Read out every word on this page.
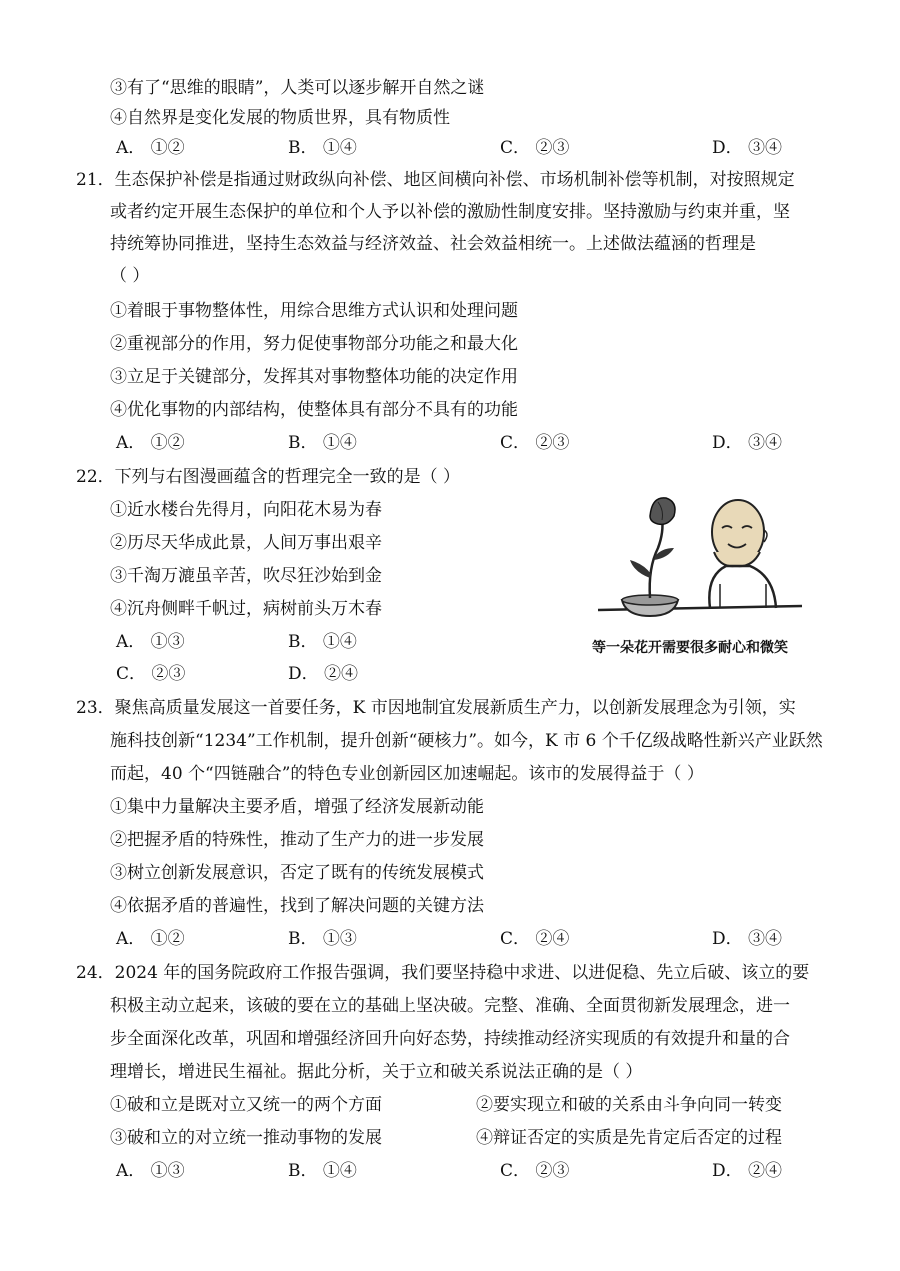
③有了“思维的眼睛”，人类可以逐步解开自然之谜
④自然界是变化发展的物质世界，具有物质性
A． ①②	B． ①④	C． ②③	D． ③④
21．生态保护补偿是指通过财政纵向补偿、地区间横向补偿、市场机制补偿等机制，对按照规定
或者约定开展生态保护的单位和个人予以补偿的激励性制度安排。坚持激励与约束并重，坚
持统筹协同推进，坚持生态效益与经济效益、社会效益相统一。上述做法蕴涵的哲理是
（ ）
①着眼于事物整体性，用综合思维方式认识和处理问题
②重视部分的作用，努力促使事物部分功能之和最大化
③立足于关键部分，发挥其对事物整体功能的决定作用
④优化事物的内部结构，使整体具有部分不具有的功能
A． ①②	B． ①④	C． ②③	D． ③④
22．下列与右图漫画蕴含的哲理完全一致的是（ ）
①近水楼台先得月，向阳花木易为春
②历尽天华成此景，人间万事出艰辛
③千淘万漉虽辛苦，吹尽狂沙始到金
④沉舟侧畔千帆过，病树前头万木春
A． ①③	B． ①④
C． ②③	D． ②④
等一朵花开需要很多耐心和微笑
23．聚焦高质量发展这一首要任务，K 市因地制宜发展新质生产力，以创新发展理念为引领，实
施科技创新“1234”工作机制，提升创新“硬核力”。如今，K 市 6 个千亿级战略性新兴产业跃然
而起，40 个“四链融合”的特色专业创新园区加速崛起。该市的发展得益于（ ）
①集中力量解决主要矛盾，增强了经济发展新动能
②把握矛盾的特殊性，推动了生产力的进一步发展
③树立创新发展意识，否定了既有的传统发展模式
④依据矛盾的普遍性，找到了解决问题的关键方法
A． ①②	B． ①③	C． ②④	D． ③④
24．2024 年的国务院政府工作报告强调，我们要坚持稳中求进、以进促稳、先立后破、该立的要
积极主动立起来，该破的要在立的基础上坚决破。完整、准确、全面贯彻新发展理念，进一
步全面深化改革，巩固和增强经济回升向好态势，持续推动经济实现质的有效提升和量的合
理增长，增进民生福祉。据此分析，关于立和破关系说法正确的是（ ）
①破和立是既对立又统一的两个方面	②要实现立和破的关系由斗争向同一转变
③破和立的对立统一推动事物的发展	④辩证否定的实质是先肯定后否定的过程
A． ①③	B． ①④	C． ②③	D． ②④
